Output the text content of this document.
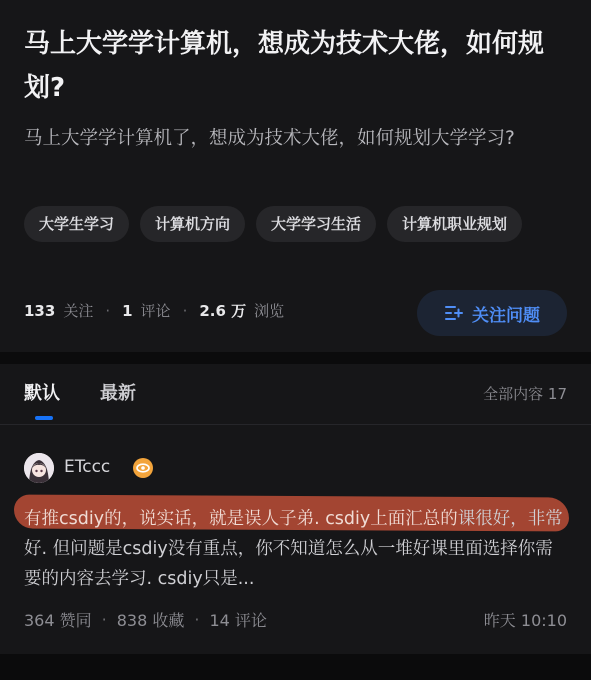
马上大学学计算机，想成为技术大佬，如何规划?
马上大学学计算机了，想成为技术大佬，如何规划大学学习?
大学生学习	计算机方向	大学学习生活	计算机职业规划
133 关注 · 1 评论 · 2.6 万 浏览	关注问题
默认 最新	全部内容 17
ETccc
有推csdiy的，说实话，就是误人子弟. csdiy上面汇总的课很好，非常好. 但问题是csdiy没有重点，你不知道怎么从一堆好课里面选择你需要的内容去学习. csdiy只是...
364 赞同 · 838 收藏 · 14 评论	昨天 10:10
